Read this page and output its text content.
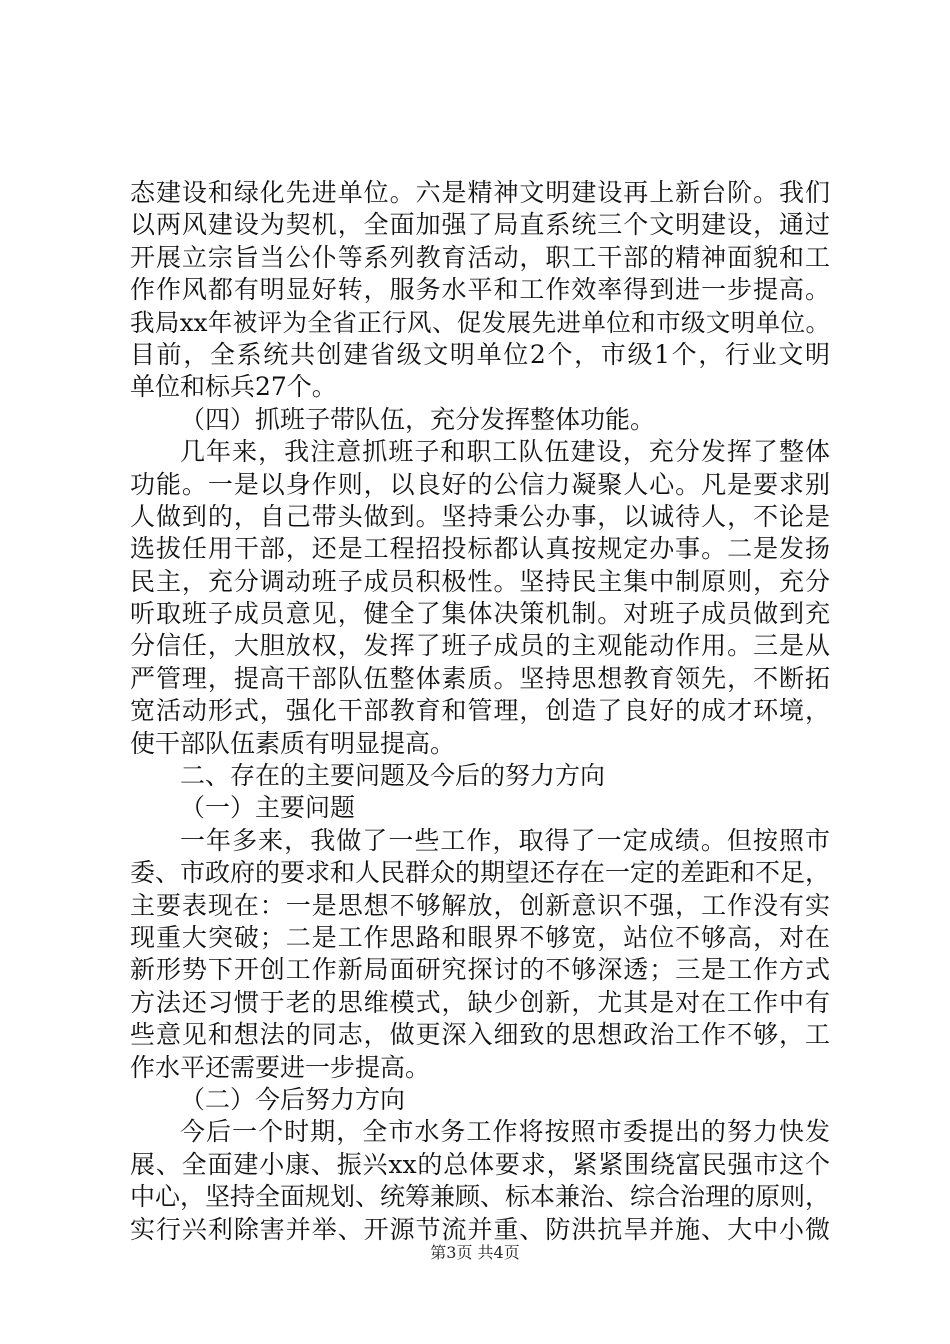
态建设和绿化先进单位。六是精神文明建设再上新台阶。我们
以两风建设为契机，全面加强了局直系统三个文明建设，通过
开展立宗旨当公仆等系列教育活动，职工干部的精神面貌和工
作作风都有明显好转，服务水平和工作效率得到进一步提高。
我局xx年被评为全省正行风、促发展先进单位和市级文明单位。
目前，全系统共创建省级文明单位2个，市级1个，行业文明
单位和标兵27个。
（四）抓班子带队伍，充分发挥整体功能。
几年来，我注意抓班子和职工队伍建设，充分发挥了整体
功能。一是以身作则，以良好的公信力凝聚人心。凡是要求别
人做到的，自己带头做到。坚持秉公办事，以诚待人，不论是
选拔任用干部，还是工程招投标都认真按规定办事。二是发扬
民主，充分调动班子成员积极性。坚持民主集中制原则，充分
听取班子成员意见，健全了集体决策机制。对班子成员做到充
分信任，大胆放权，发挥了班子成员的主观能动作用。三是从
严管理，提高干部队伍整体素质。坚持思想教育领先，不断拓
宽活动形式，强化干部教育和管理，创造了良好的成才环境，
使干部队伍素质有明显提高。
二、存在的主要问题及今后的努力方向
（一）主要问题
一年多来，我做了一些工作，取得了一定成绩。但按照市
委、市政府的要求和人民群众的期望还存在一定的差距和不足，
主要表现在：一是思想不够解放，创新意识不强，工作没有实
现重大突破；二是工作思路和眼界不够宽，站位不够高，对在
新形势下开创工作新局面研究探讨的不够深透；三是工作方式
方法还习惯于老的思维模式，缺少创新，尤其是对在工作中有
些意见和想法的同志，做更深入细致的思想政治工作不够，工
作水平还需要进一步提高。
（二）今后努力方向
今后一个时期，全市水务工作将按照市委提出的努力快发
展、全面建小康、振兴xx的总体要求，紧紧围绕富民强市这个
中心，坚持全面规划、统筹兼顾、标本兼治、综合治理的原则，
实行兴利除害并举、开源节流并重、防洪抗旱并施、大中小微
第3页 共4页
